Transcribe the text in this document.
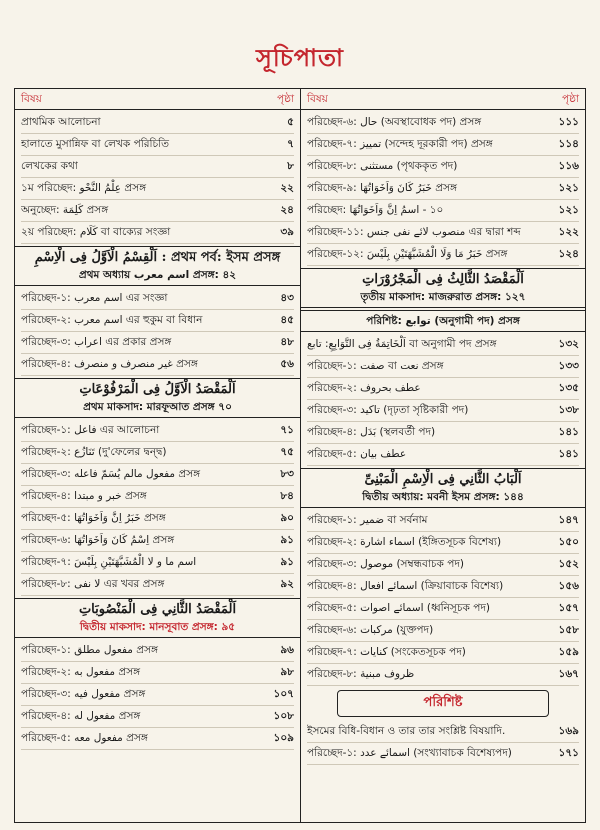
সূচিপাতা
বিষয়	পৃষ্ঠা
প্রাথমিক আলোচনা	৫
হালাতে মুসান্নিফ বা লেখক পরিচিতি	৭
লেখকের কথা	৮
১ম পরিচ্ছেদ: عِلْمُ النَّحْو প্রসঙ্গ	২২
অনুচ্ছেদ: كَلِمَة প্রসঙ্গ	২৪
২য় পরিচ্ছেদ: كَلَام বা বাক্যের সংজ্ঞা	৩৯
اَلْقِسْمُ الْاَوَّلُ فِى الْاِسْمِ : প্রথম পর্ব: ইসম প্রসঙ্গ
প্রথম অধ্যায় اسم معرب প্রসঙ্গ: ৪২
পরিচ্ছেদ-১: اسم معرب এর সংজ্ঞা	৪৩
পরিচ্ছেদ-২: اسم معرب এর হুকুম বা বিধান	৪৫
পরিচ্ছেদ-৩: اعراب এর প্রকার প্রসঙ্গ	৪৮
পরিচ্ছেদ-৪: غير منصرف و منصرف প্রসঙ্গ	৫৬
اَلْمَقْصَدُ الْاَوَّلُ فِى الْمَرْفُوْعَاتِ
প্রথম মাকসাদ: মারফূআত প্রসঙ্গ ৭০
পরিচ্ছেদ-১: فاعل এর আলোচনা	৭১
পরিচ্ছেদ-২: تَنَازُع (দু'ফেলের দ্বন্দ্ব)	৭৫
পরিচ্ছেদ-৩: مفعول مالم يُسَمّ فاعله প্রসঙ্গ	৮৩
পরিচ্ছেদ-৪: خبر و مبتدا প্রসঙ্গ	৮৪
পরিচ্ছেদ-৫: خَبَرُ اِنَّ وَاَخَوَاتُهَا প্রসঙ্গ	৯০
পরিচ্ছেদ-৬: اِسْمُ كَانَ وَاَخَوَاتُهَا প্রসঙ্গ	৯১
পরিচ্ছেদ-৭: اسم ما و لا الْمُشَبَّهَتَيْنِ بِلَيْسَ	৯১
পরিচ্ছেদ-৮: لا نفى এর খবর প্রসঙ্গ	৯২
اَلْمَقْصَدُ الثَّانِي فِى الْمَنْصُوبَاتِ
দ্বিতীয় মাকসাদ: মানসূবাত প্রসঙ্গ: ৯৫
পরিচ্ছেদ-১: مفعول مطلق প্রসঙ্গ	৯৬
পরিচ্ছেদ-২: مفعول به প্রসঙ্গ	৯৮
পরিচ্ছেদ-৩: مفعول فيه প্রসঙ্গ	১০৭
পরিচ্ছেদ-৪: مفعول له প্রসঙ্গ	১০৮
পরিচ্ছেদ-৫: مفعول معه প্রসঙ্গ	১০৯
বিষয়	পৃষ্ঠা
পরিচ্ছেদ-৬: حال (অবস্থাবোধক পদ) প্রসঙ্গ	১১১
পরিচ্ছেদ-৭: تمييز (সন্দেহ দূরকারী পদ) প্রসঙ্গ	১১৪
পরিচ্ছেদ-৮: مستثنى (পৃথককৃত পদ)	১১৬
পরিচ্ছেদ-৯: خَبَرُ كَانَ وَاَخَوَاتُهَا প্রসঙ্গ	১২১
পরিচ্ছেদ: اسمُ اِنَّ وَاَخَوَاتُهَا - ১০	১২১
পরিচ্ছেদ-১১: منصوب لائے نفى جنس এর দ্বারা শব্দ	১২২
পরিচ্ছেদ-১২: خَبَرُ مَا وَلَا الْمُشَبَّهَتَيْنِ بِلَيْسَ প্রসঙ্গ	১২৪
اَلْمَقْصَدُ الثَّالِثُ فِى الْمَجْرُوْرَاتِ
তৃতীয় মাকসাদ: মাজরুরাত প্রসঙ্গ: ১২৭
পরিশিষ্ট: توابع (অনুগামী পদ) প্রসঙ্গ
اَلْخَاتِمَةُ فِى التَّوَابِعِ: تابع বা অনুগামী পদ প্রসঙ্গ	১৩২
পরিচ্ছেদ-১: صفت বা نعت প্রসঙ্গ	১৩৩
পরিচ্ছেদ-২: عطف بحروف	১৩৫
পরিচ্ছেদ-৩: تاكيد (দৃঢ়তা সৃষ্টিকারী পদ)	১৩৮
পরিচ্ছেদ-৪: بَدَل (স্থলবর্তী পদ)	১৪১
পরিচ্ছেদ-৫: عطف بيان	১৪১
اَلْبَابُ الثَّانِي فِى الْاِسْمِ الْمَبْنِىِّ
দ্বিতীয় অধ্যায়: মবনী ইসম প্রসঙ্গ: ১৪৪
পরিচ্ছেদ-১: ضمير বা সর্বনাম	১৪৭
পরিচ্ছেদ-২: اسماء اشارة (ইঙ্গিতসূচক বিশেষ্য)	১৫০
পরিচ্ছেদ-৩: موصول (সম্বন্ধবাচক পদ)	১৫২
পরিচ্ছেদ-৪: اسمائے افعال (ক্রিয়াবাচক বিশেষ্য)	১৫৬
পরিচ্ছেদ-৫: اسمائے اصوات (ধ্বনিসূচক পদ)	১৫৭
পরিচ্ছেদ-৬: مركبات (যুক্তপদ)	১৫৮
পরিচ্ছেদ-৭: كنايات (সংকেতসূচক পদ)	১৫৯
পরিচ্ছেদ-৮: ظروف مبنية	১৬৭
পরিশিষ্ট
ইসমের বিধি-বিধান ও তার তার সংশ্লিষ্ট বিষয়াদি.	১৬৯
পরিচ্ছেদ-১: اسمائے عدد (সংখ্যাবাচক বিশেষ্যপদ)	১৭১
